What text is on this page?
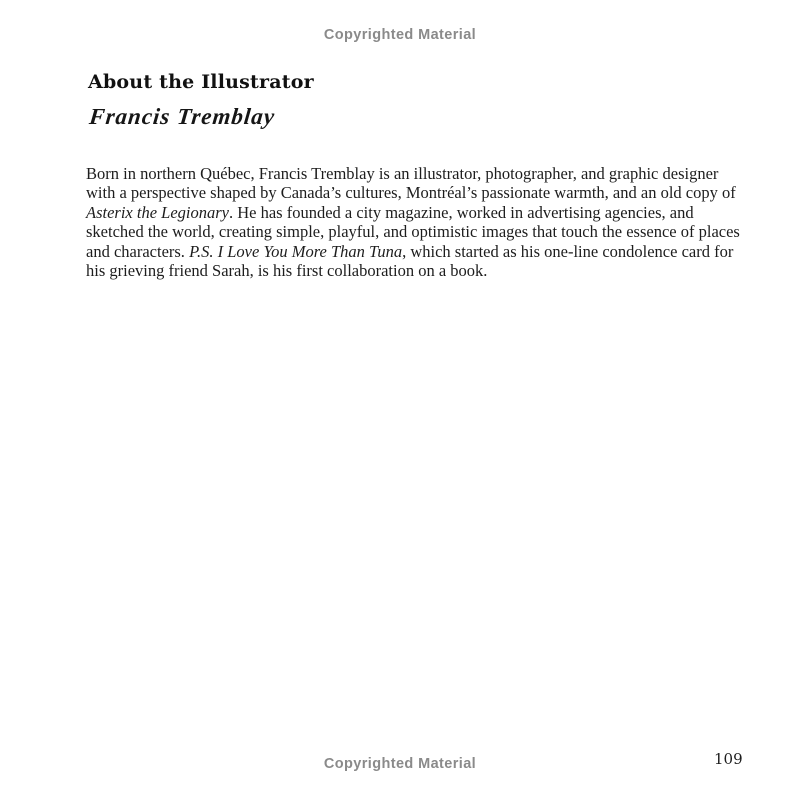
Copyrighted Material
About the Illustrator
Francis Tremblay

Born in northern Québec, Francis Tremblay is an illustrator, photographer, and graphic designer with a perspective shaped by Canada’s cultures, Montréal’s passionate warmth, and an old copy of Asterix the Legionary. He has founded a city magazine, worked in advertising agencies, and sketched the world, creating simple, playful, and optimistic images that touch the essence of places and characters. P.S. I Love You More Than Tuna, which started as his one-line condolence card for his grieving friend Sarah, is his first collaboration on a book.

Copyrighted Material	109
